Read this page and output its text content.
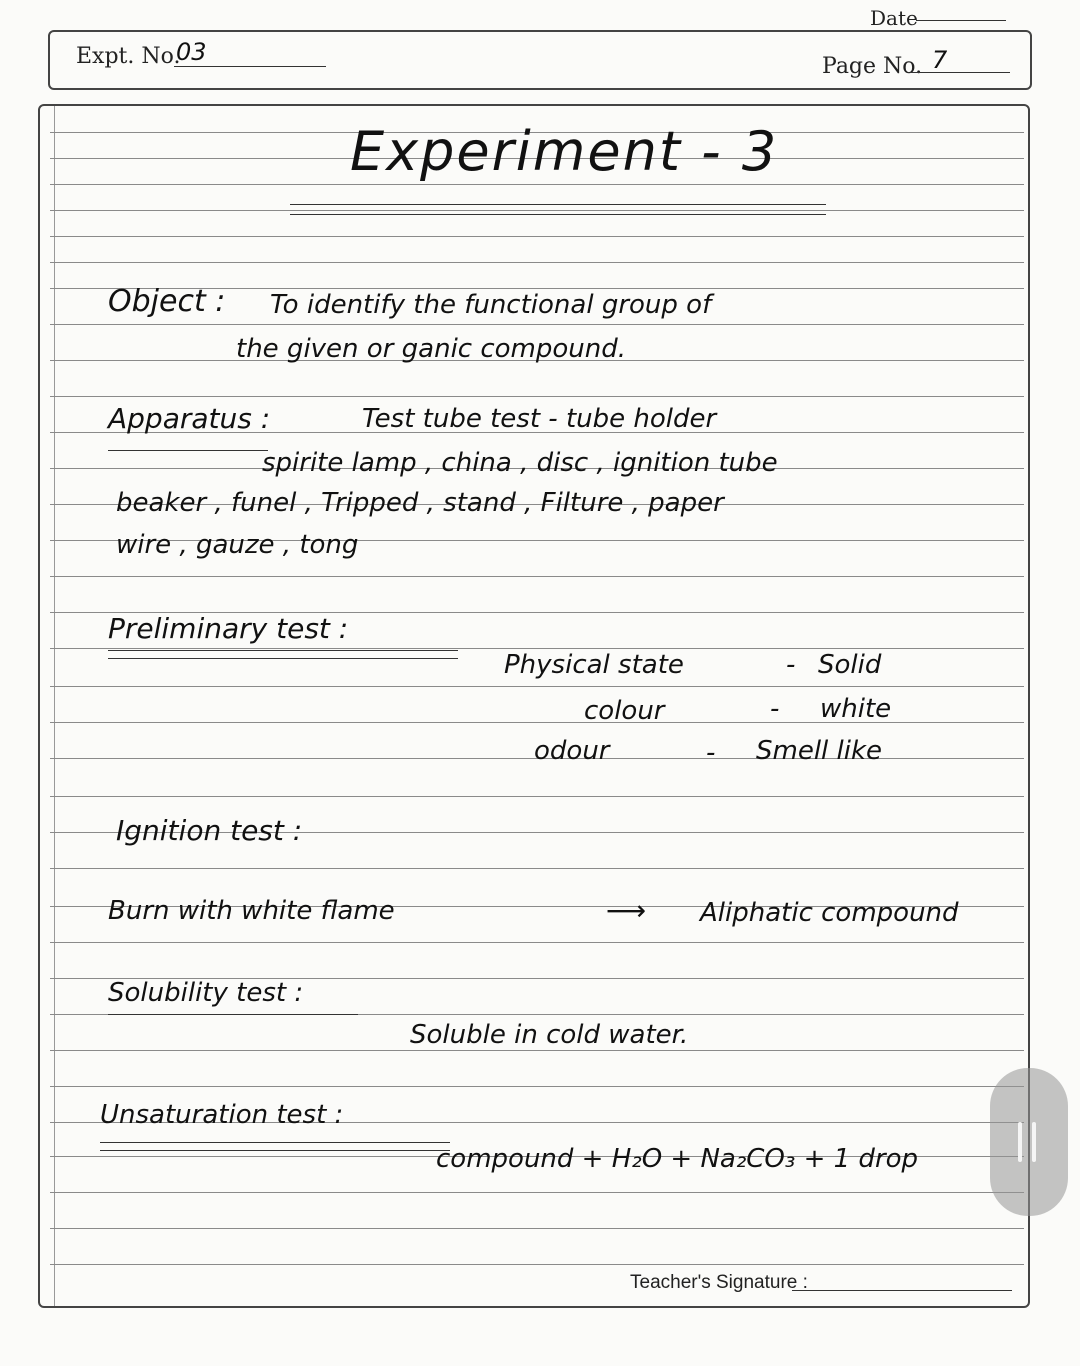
Date
Expt. No.
03
Page No. 7
Experiment - 3
Object : To identify the functional group of
the given or ganic compound.
Apparatus :	Test tube test - tube holder
spirite lamp , china , disc , ignition tube
beaker , funel , Tripped , stand , Filture , paper
wire , gauze , tong
Preliminary test :
Physical state	- Solid
colour	- white
odour	- Smell like
Ignition test :
Burn with white flame	⟶ Aliphatic compound
Solubility test :
Soluble in cold water.
Unsaturation test :
compound + H₂O + Na₂CO₃ + 1 drop
Teacher's Signature :
